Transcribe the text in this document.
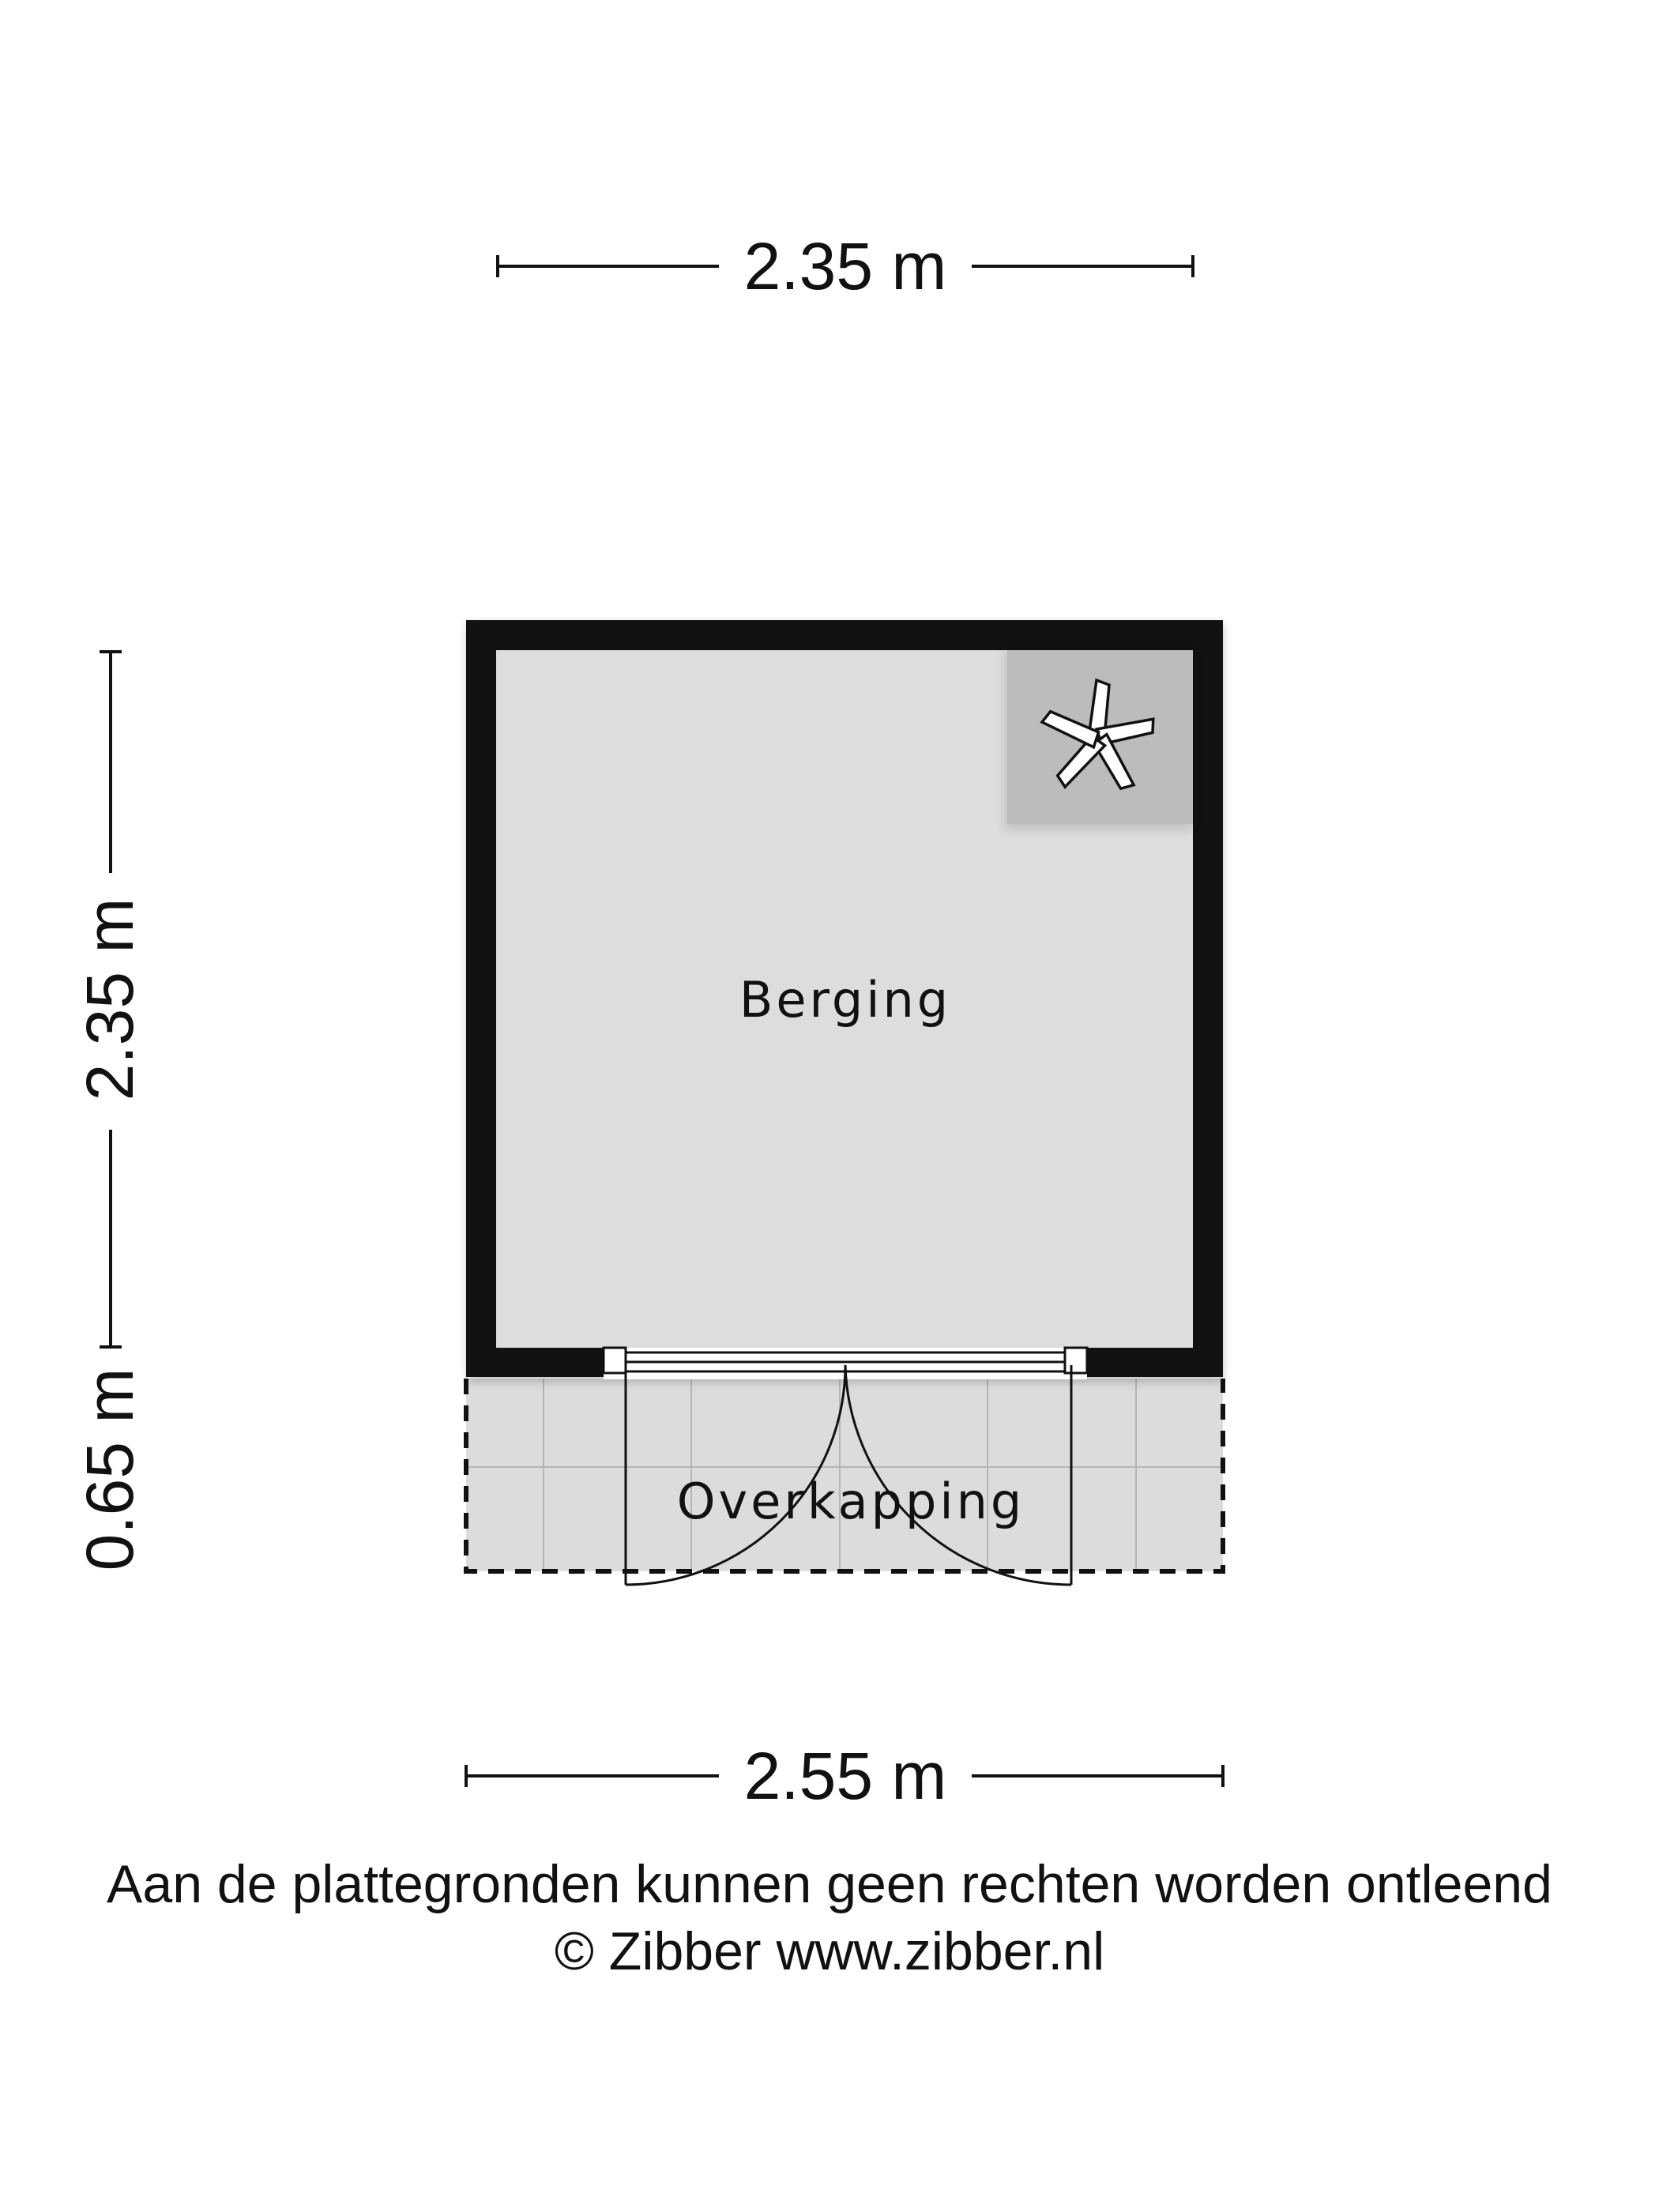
2.35 m
2.35 m
0.65 m
Berging
Overkapping
2.55 m
Aan de plattegronden kunnen geen rechten worden ontleend
© Zibber www.zibber.nl
